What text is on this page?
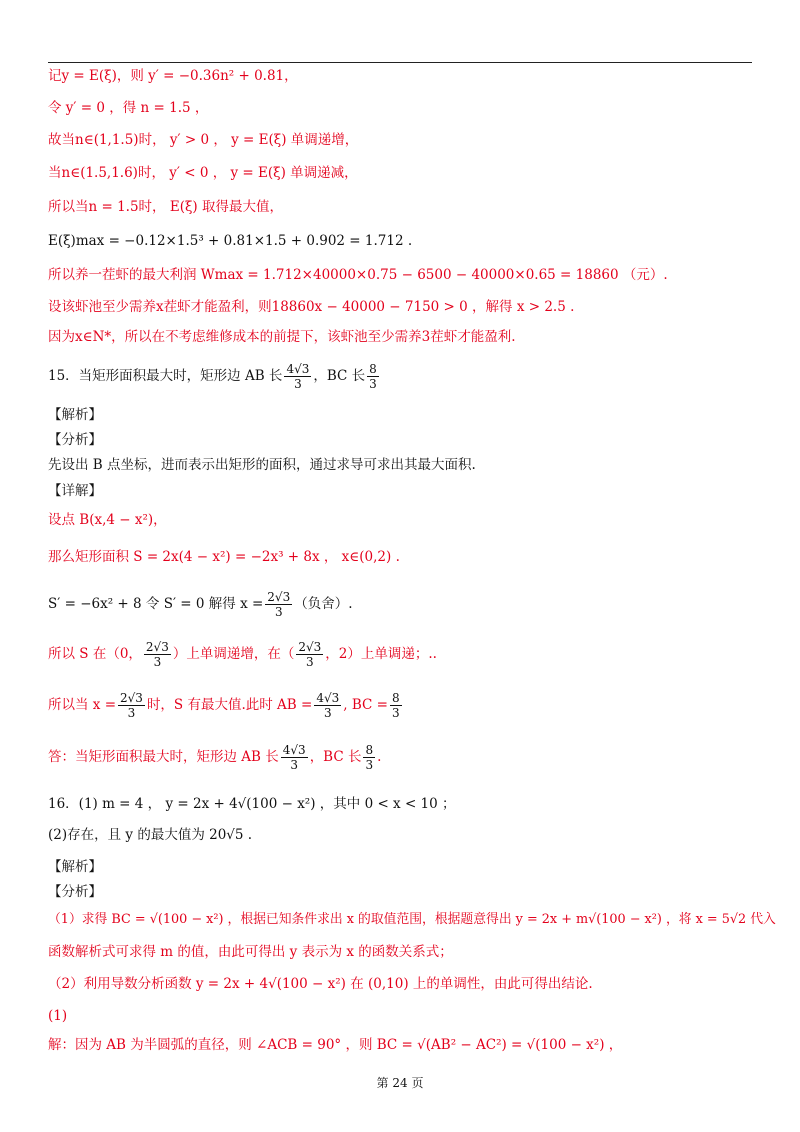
记y = E(ξ)，则 y′ = −0.36n² + 0.81，
令 y′ = 0 ，得 n = 1.5 ，
故当n∈(1,1.5)时， y′ > 0 ， y = E(ξ) 单调递增，
当n∈(1.5,1.6)时， y′ < 0 ， y = E(ξ) 单调递减，
所以当n = 1.5时， E(ξ) 取得最大值，
E(ξ)max = −0.12×1.5³ + 0.81×1.5 + 0.902 = 1.712 .
所以养一茬虾的最大利润 Wmax = 1.712×40000×0.75 − 6500 − 40000×0.65 = 18860 （元）.
设该虾池至少需养x茬虾才能盈利，则18860x − 40000 − 7150 > 0 ，解得 x > 2.5 .
因为x∈N*，所以在不考虑维修成本的前提下，该虾池至少需养3茬虾才能盈利.
15．当矩形面积最大时，矩形边 AB 长 $\frac{4√3}{3}$ ，BC 长 $\frac{8}{3}$
【解析】
【分析】
先设出 B 点坐标，进而表示出矩形的面积，通过求导可求出其最大面积.
【详解】
设点 B(x,4 − x²)，
那么矩形面积 S = 2x(4 − x²) = −2x³ + 8x ， x∈(0,2) .
S′ = −6x² + 8 令 S′ = 0 解得 $x = \frac{2√3}{3}$ （负舍）.
所以 S 在（0， $\frac{2√3}{3}$ ）上单调递增，在（ $\frac{2√3}{3}$ ，2）上单调递；..
所以当 $x = \frac{2√3}{3}$ 时，S 有最大值.此时 AB = $\frac{4√3}{3}$ , BC = $\frac{8}{3}$
答：当矩形面积最大时，矩形边 AB 长 $\frac{4√3}{3}$ ，BC 长 $\frac{8}{3}$ .
16．(1) m = 4 ， y = 2x + 4√(100 − x²) ，其中 0 < x < 10 ；
(2)存在，且 y 的最大值为 20√5 .
【解析】
【分析】
（1）求得 BC = √(100 − x²) ，根据已知条件求出 x 的取值范围，根据题意得出 y = 2x + m√(100 − x²) ，将 x = 5√2 代入
函数解析式可求得 m 的值，由此可得出 y 表示为 x 的函数关系式；
（2）利用导数分析函数 y = 2x + 4√(100 − x²) 在 (0,10) 上的单调性，由此可得出结论.
(1)
解：因为 AB 为半圆弧的直径，则 ∠ACB = 90° ，则 BC = √(AB² − AC²) = √(100 − x²) ，
第 24 页
